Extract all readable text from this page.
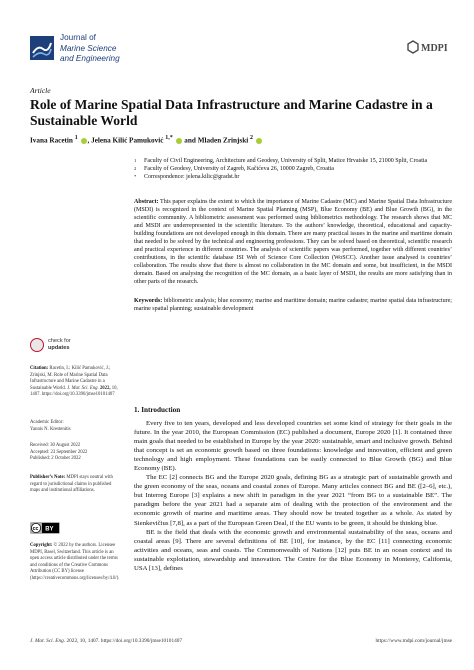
Journal of
Marine Science
and Engineering
MDPI
Article
Role of Marine Spatial Data Infrastructure and Marine Cadastre in a Sustainable World
Ivana Racetin $^1$ , Jelena Kilić Pamuković $^{1,*}$ and Mladen Zrinjski $^2$
1 Faculty of Civil Engineering, Architecture and Geodesy, University of Split, Matice Hrvatske 15, 21000 Split, Croatia
2 Faculty of Geodesy, University of Zagreb, Kačićeva 26, 10000 Zagreb, Croatia
* Correspondence: jelena.kilic@gradst.hr
Abstract: This paper explains the extent to which the importance of Marine Cadastre (MC) and Marine Spatial Data Infrastructure (MSDI) is recognized in the context of Marine Spatial Planning (MSP), Blue Economy (BE) and Blue Growth (BG), in the scientific community. A bibliometric assessment was performed using bibliometrics methodology. The research shows that MC and MSDI are underrepresented in the scientific literature. To the authors’ knowledge, theoretical, educational and capacity-building foundations are not developed enough in this domain. There are many practical issues in the marine and maritime domain that needed to be solved by the technical and engineering professions. They can be solved based on theoretical, scientific research and practical experience in different countries. The analysis of scientific papers was performed, together with different countries’ contributions, in the scientific database ISI Web of Science Core Collection (WoSCC). Another issue analysed is countries’ collaboration. The results show that there is almost no collaboration in the MC domain and some, but insufficient, in the MSDI domain. Based on analysing the recognition of the MC domain, as a basic layer of MSDI, the results are more satisfying than in other parts of the research.
Keywords: bibliometric analysis; blue economy; marine and maritime domain; marine cadastre; marine spatial data infrastructure; marine spatial planning; sustainable development
check for
updates
Citation: Racetin, I.; Kilić Pamuković, J.; Zrinjski, M. Role of Marine Spatial Data Infrastructure and Marine Cadastre in a Sustainable World. J. Mar. Sci. Eng. 2022, 10, 1407. https://doi.org/10.3390/jmse10101407
Academic Editor:
Yannis N. Krestenitis
Received: 30 August 2022
Accepted: 23 September 2022
Published: 2 October 2022
Publisher’s Note: MDPI stays neutral with regard to jurisdictional claims in published maps and institutional affiliations.
cc BY
Copyright: © 2022 by the authors. Licensee MDPI, Basel, Switzerland. This article is an open access article distributed under the terms and conditions of the Creative Commons Attribution (CC BY) license (https://creativecommons.org/licenses/by/4.0/).
1. Introduction

Every five to ten years, developed and less developed countries set some kind of strategy for their goals in the future. In the year 2010, the European Commission (EC) published a document, Europe 2020 [1]. It contained three main goals that needed to be established in Europe by the year 2020: sustainable, smart and inclusive growth. Behind that concept is set an economic growth based on three foundations: knowledge and innovation, efficient and green technology and high employment. These foundations can be easily connected to Blue Growth (BG) and Blue Economy (BE).

The EC [2] connects BG and the Europe 2020 goals, defining BG as a strategic part of sustainable growth and the green economy of the seas, oceans and coastal zones of Europe. Many articles connect BG and BE ([2–6], etc.), but Interreg Europe [3] explains a new shift in paradigm in the year 2021 “from BG to a sustainable BE”. The paradigm before the year 2021 had a separate aim of dealing with the protection of the environment and the economic growth of marine and maritime areas. They should now be treated together as a whole. As stated by Sienkevičius [7,8], as a part of the European Green Deal, if the EU wants to be green, it should be thinking blue.

BE is the field that deals with the economic growth and environmental sustainability of the seas, oceans and coastal areas [9]. There are several definitions of BE [10], for instance, by the EC [11] connecting economic activities and oceans, seas and coasts. The Commonwealth of Nations [12] puts BE in an ocean context and its sustainable exploitation, stewardship and innovation. The Centre for the Blue Economy in Monterey, California, USA [13], defines

J. Mar. Sci. Eng. 2022, 10, 1407. https://doi.org/10.3390/jmse10101407	https://www.mdpi.com/journal/jmse
